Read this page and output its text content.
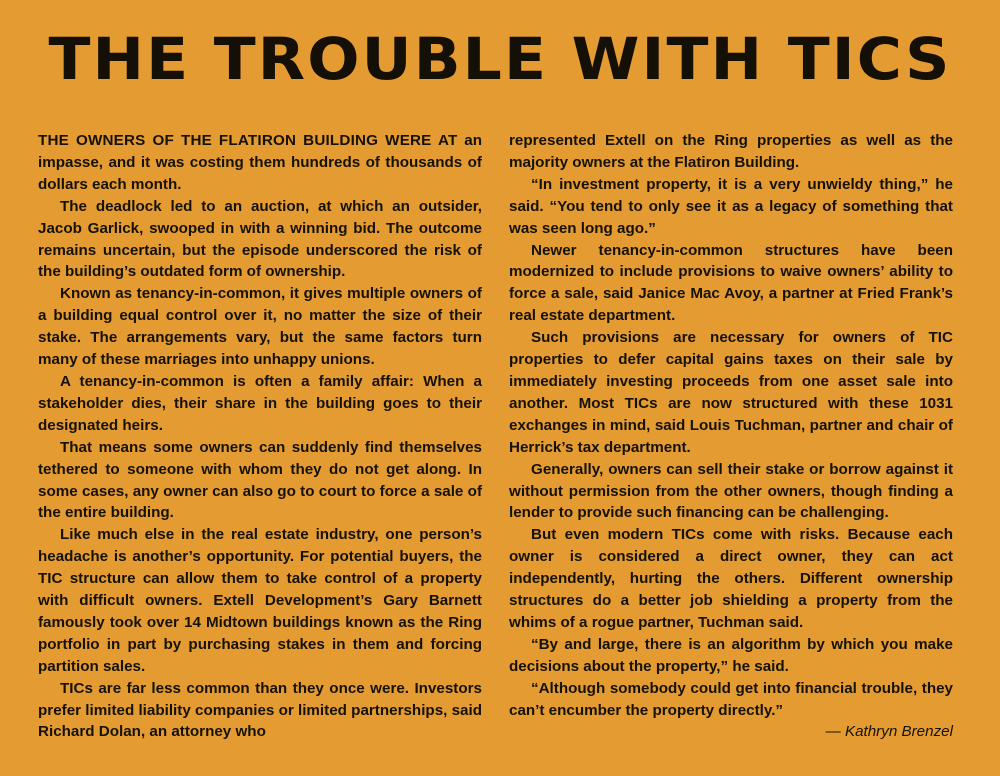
THE TROUBLE WITH TICS

THE OWNERS OF THE FLATIRON BUILDING WERE AT an impasse, and it was costing them hundreds of thousands of dollars each month.

The deadlock led to an auction, at which an outsider, Jacob Garlick, swooped in with a winning bid. The outcome remains uncertain, but the episode underscored the risk of the building’s outdated form of ownership.

Known as tenancy-in-common, it gives multiple owners of a building equal control over it, no matter the size of their stake. The arrangements vary, but the same factors turn many of these marriages into unhappy unions.

A tenancy-in-common is often a family affair: When a stakeholder dies, their share in the building goes to their designated heirs.

That means some owners can suddenly find themselves tethered to someone with whom they do not get along. In some cases, any owner can also go to court to force a sale of the entire building.

Like much else in the real estate industry, one person’s headache is another’s opportunity. For potential buyers, the TIC structure can allow them to take control of a property with difficult owners. Extell Development’s Gary Barnett famously took over 14 Midtown buildings known as the Ring portfolio in part by purchasing stakes in them and forcing partition sales.

TICs are far less common than they once were. Investors prefer limited liability companies or limited partnerships, said Richard Dolan, an attorney who

represented Extell on the Ring properties as well as the majority owners at the Flatiron Building.

“In investment property, it is a very unwieldy thing,” he said. “You tend to only see it as a legacy of something that was seen long ago.”

Newer tenancy-in-common structures have been modernized to include provisions to waive owners’ ability to force a sale, said Janice Mac Avoy, a partner at Fried Frank’s real estate department.

Such provisions are necessary for owners of TIC properties to defer capital gains taxes on their sale by immediately investing proceeds from one asset sale into another. Most TICs are now structured with these 1031 exchanges in mind, said Louis Tuchman, partner and chair of Herrick’s tax department.

Generally, owners can sell their stake or borrow against it without permission from the other owners, though finding a lender to provide such financing can be challenging.

But even modern TICs come with risks. Because each owner is considered a direct owner, they can act independently, hurting the others. Different ownership structures do a better job shielding a property from the whims of a rogue partner, Tuchman said.

“By and large, there is an algorithm by which you make decisions about the property,” he said.

“Although somebody could get into financial trouble, they can’t encumber the property directly.”

— Kathryn Brenzel
